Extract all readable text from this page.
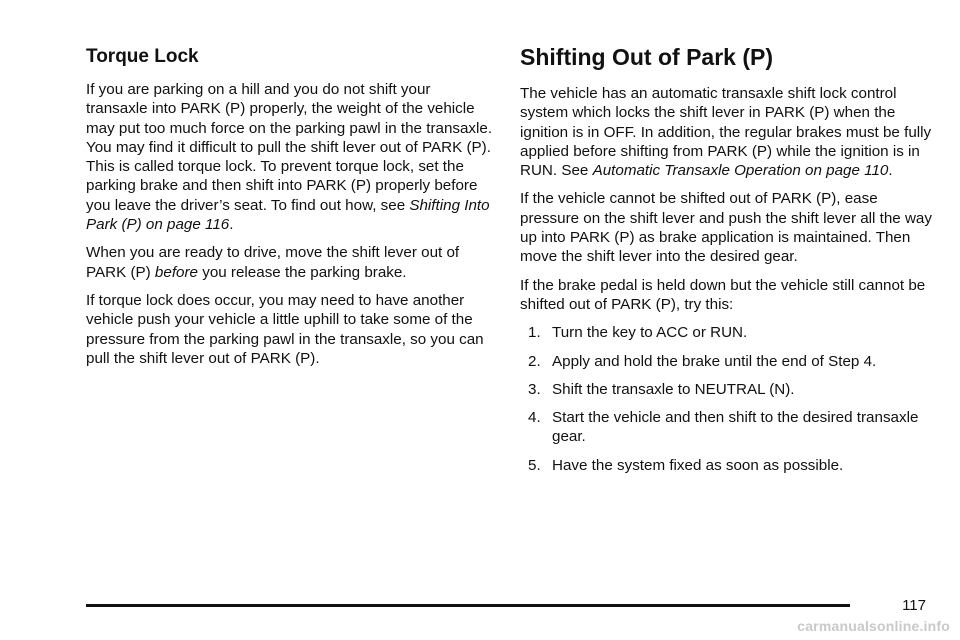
Torque Lock

If you are parking on a hill and you do not shift your transaxle into PARK (P) properly, the weight of the vehicle may put too much force on the parking pawl in the transaxle. You may find it difficult to pull the shift lever out of PARK (P). This is called torque lock. To prevent torque lock, set the parking brake and then shift into PARK (P) properly before you leave the driver’s seat. To find out how, see Shifting Into Park (P) on page 116.

When you are ready to drive, move the shift lever out of PARK (P) before you release the parking brake.

If torque lock does occur, you may need to have another vehicle push your vehicle a little uphill to take some of the pressure from the parking pawl in the transaxle, so you can pull the shift lever out of PARK (P).

Shifting Out of Park (P)

The vehicle has an automatic transaxle shift lock control system which locks the shift lever in PARK (P) when the ignition is in OFF. In addition, the regular brakes must be fully applied before shifting from PARK (P) while the ignition is in RUN. See Automatic Transaxle Operation on page 110.

If the vehicle cannot be shifted out of PARK (P), ease pressure on the shift lever and push the shift lever all the way up into PARK (P) as brake application is maintained. Then move the shift lever into the desired gear.

If the brake pedal is held down but the vehicle still cannot be shifted out of PARK (P), try this:

1. Turn the key to ACC or RUN.
2. Apply and hold the brake until the end of Step 4.
3. Shift the transaxle to NEUTRAL (N).
4. Start the vehicle and then shift to the desired transaxle gear.
5. Have the system fixed as soon as possible.
117
carmanualsonline.info
